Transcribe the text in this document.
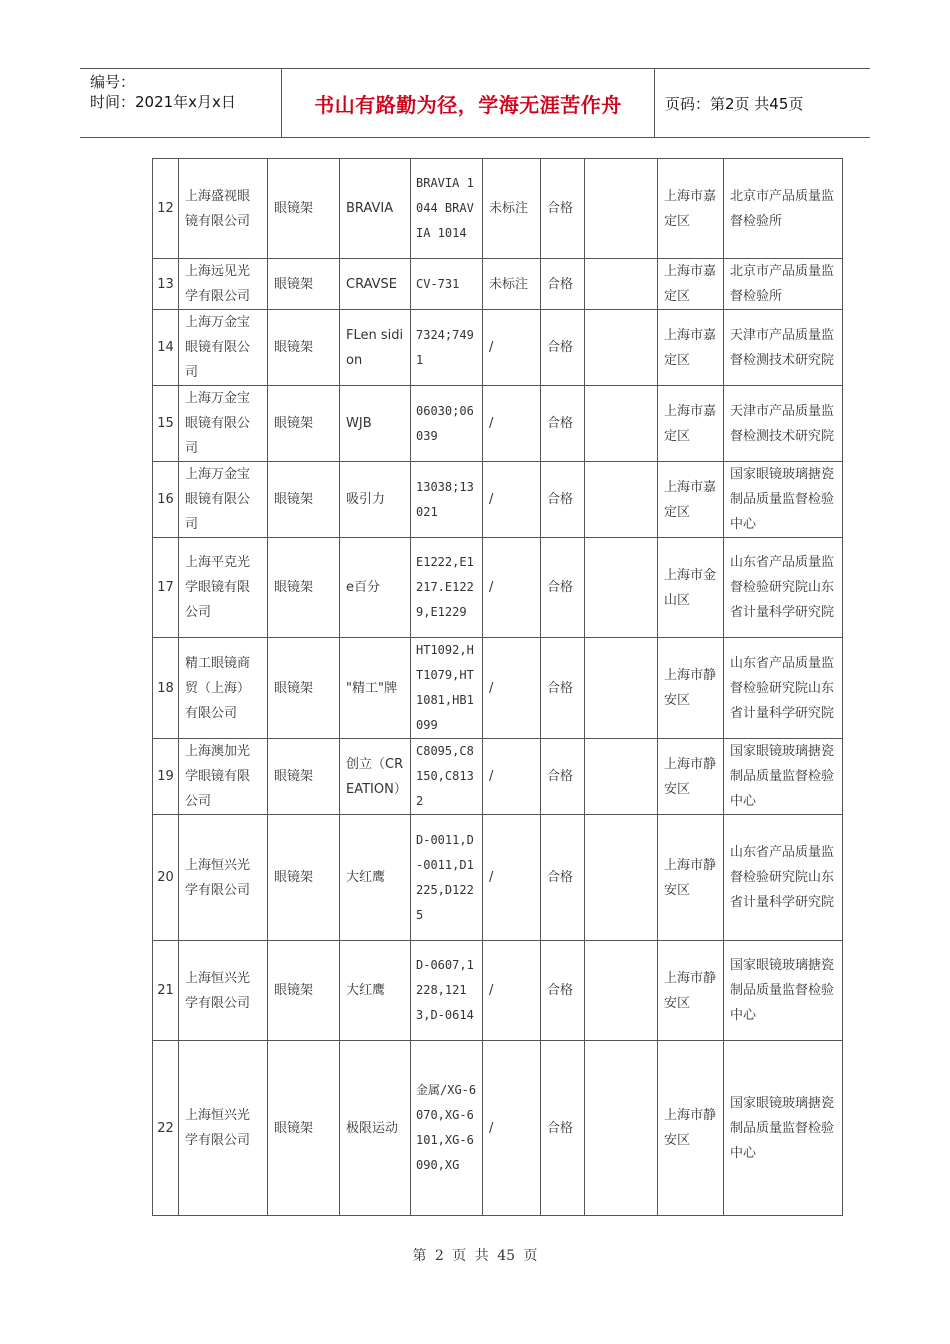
编号：
时间：2021年x月x日	书山有路勤为径，学海无涯苦作舟	页码：第2页 共45页
12	上海盛视眼镜有限公司	眼镜架	BRAVIA	BRAVIA 1044 BRAVIA 1014	未标注	合格		上海市嘉定区	北京市产品质量监督检验所
13	上海远见光学有限公司	眼镜架	CRAVSE	CV-731	未标注	合格		上海市嘉定区	北京市产品质量监督检验所
14	上海万金宝眼镜有限公司	眼镜架	FLen sidion	7324;7491	/	合格		上海市嘉定区	天津市产品质量监督检测技术研究院
15	上海万金宝眼镜有限公司	眼镜架	WJB	06030;06039	/	合格		上海市嘉定区	天津市产品质量监督检测技术研究院
16	上海万金宝眼镜有限公司	眼镜架	吸引力	13038;13021	/	合格		上海市嘉定区	国家眼镜玻璃搪瓷制品质量监督检验中心
17	上海平克光学眼镜有限公司	眼镜架	e百分	E1222,E1217.E1229,E1229	/	合格		上海市金山区	山东省产品质量监督检验研究院山东省计量科学研究院
18	精工眼镜商贸（上海）有限公司	眼镜架	"精工"牌	HT1092,HT1079,HT1081,HB1099	/	合格		上海市静安区	山东省产品质量监督检验研究院山东省计量科学研究院
19	上海澳加光学眼镜有限公司	眼镜架	创立（CREATION）	C8095,C8150,C8132	/	合格		上海市静安区	国家眼镜玻璃搪瓷制品质量监督检验中心
20	上海恒兴光学有限公司	眼镜架	大红鹰	D-0011,D-0011,D1225,D1225	/	合格		上海市静安区	山东省产品质量监督检验研究院山东省计量科学研究院
21	上海恒兴光学有限公司	眼镜架	大红鹰	D-0607,1228,1213,D-0614	/	合格		上海市静安区	国家眼镜玻璃搪瓷制品质量监督检验中心
22	上海恒兴光学有限公司	眼镜架	极限运动	金属/XG-6070,XG-6101,XG-6090,XG	/	合格		上海市静安区	国家眼镜玻璃搪瓷制品质量监督检验中心
第 2 页 共 45 页
